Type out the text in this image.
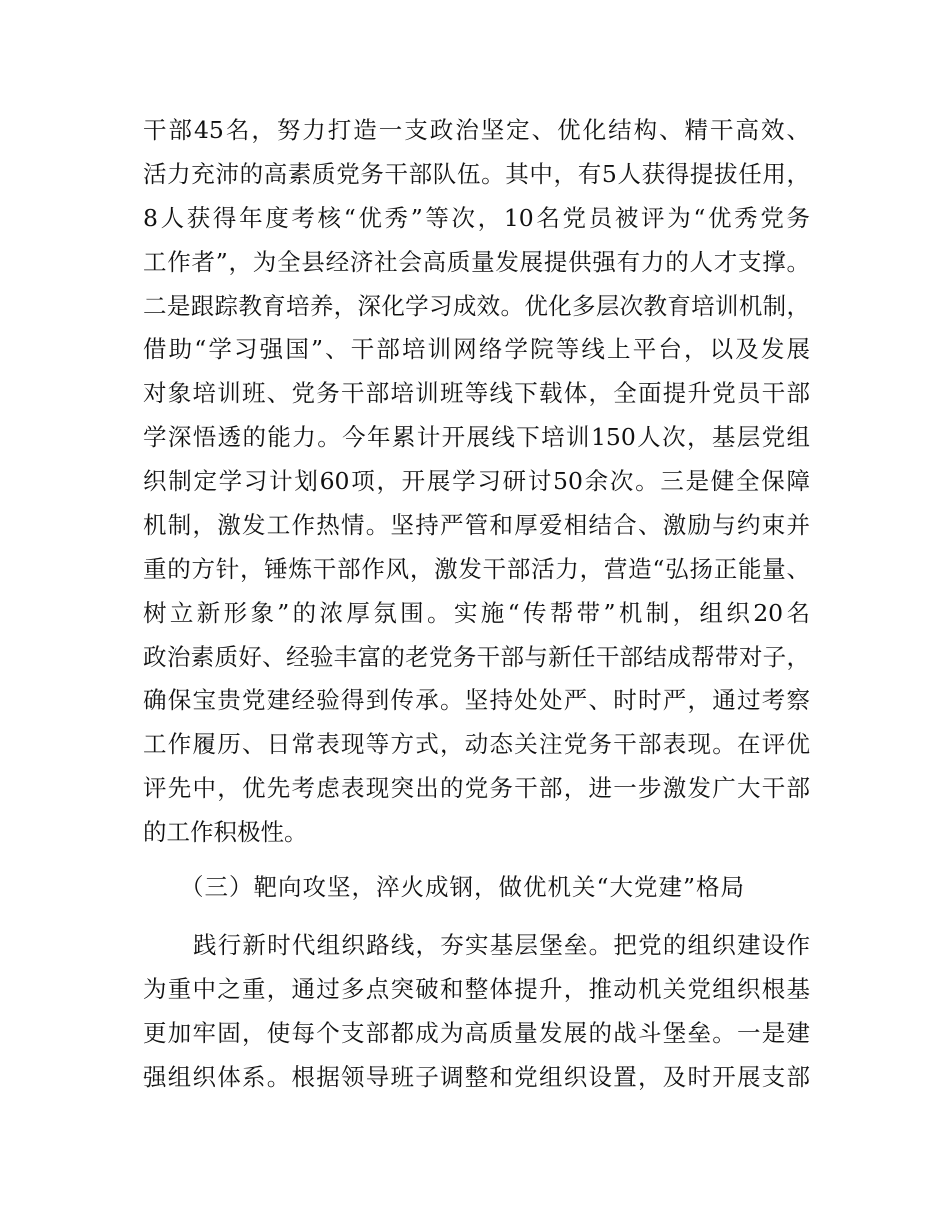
干部45名，努力打造一支政治坚定、优化结构、精干高效、
活力充沛的高素质党务干部队伍。其中，有5人获得提拔任用，
8人获得年度考核“优秀”等次，10名党员被评为“优秀党务
工作者”，为全县经济社会高质量发展提供强有力的人才支撑。
二是跟踪教育培养，深化学习成效。优化多层次教育培训机制，
借助“学习强国”、干部培训网络学院等线上平台，以及发展
对象培训班、党务干部培训班等线下载体，全面提升党员干部
学深悟透的能力。今年累计开展线下培训150人次，基层党组
织制定学习计划60项，开展学习研讨50余次。三是健全保障
机制，激发工作热情。坚持严管和厚爱相结合、激励与约束并
重的方针，锤炼干部作风，激发干部活力，营造“弘扬正能量、
树立新形象”的浓厚氛围。实施“传帮带”机制，组织20名
政治素质好、经验丰富的老党务干部与新任干部结成帮带对子，
确保宝贵党建经验得到传承。坚持处处严、时时严，通过考察
工作履历、日常表现等方式，动态关注党务干部表现。在评优
评先中，优先考虑表现突出的党务干部，进一步激发广大干部
的工作积极性。
（三）靶向攻坚，淬火成钢，做优机关“大党建”格局
践行新时代组织路线，夯实基层堡垒。把党的组织建设作
为重中之重，通过多点突破和整体提升，推动机关党组织根基
更加牢固，使每个支部都成为高质量发展的战斗堡垒。一是建
强组织体系。根据领导班子调整和党组织设置，及时开展支部
